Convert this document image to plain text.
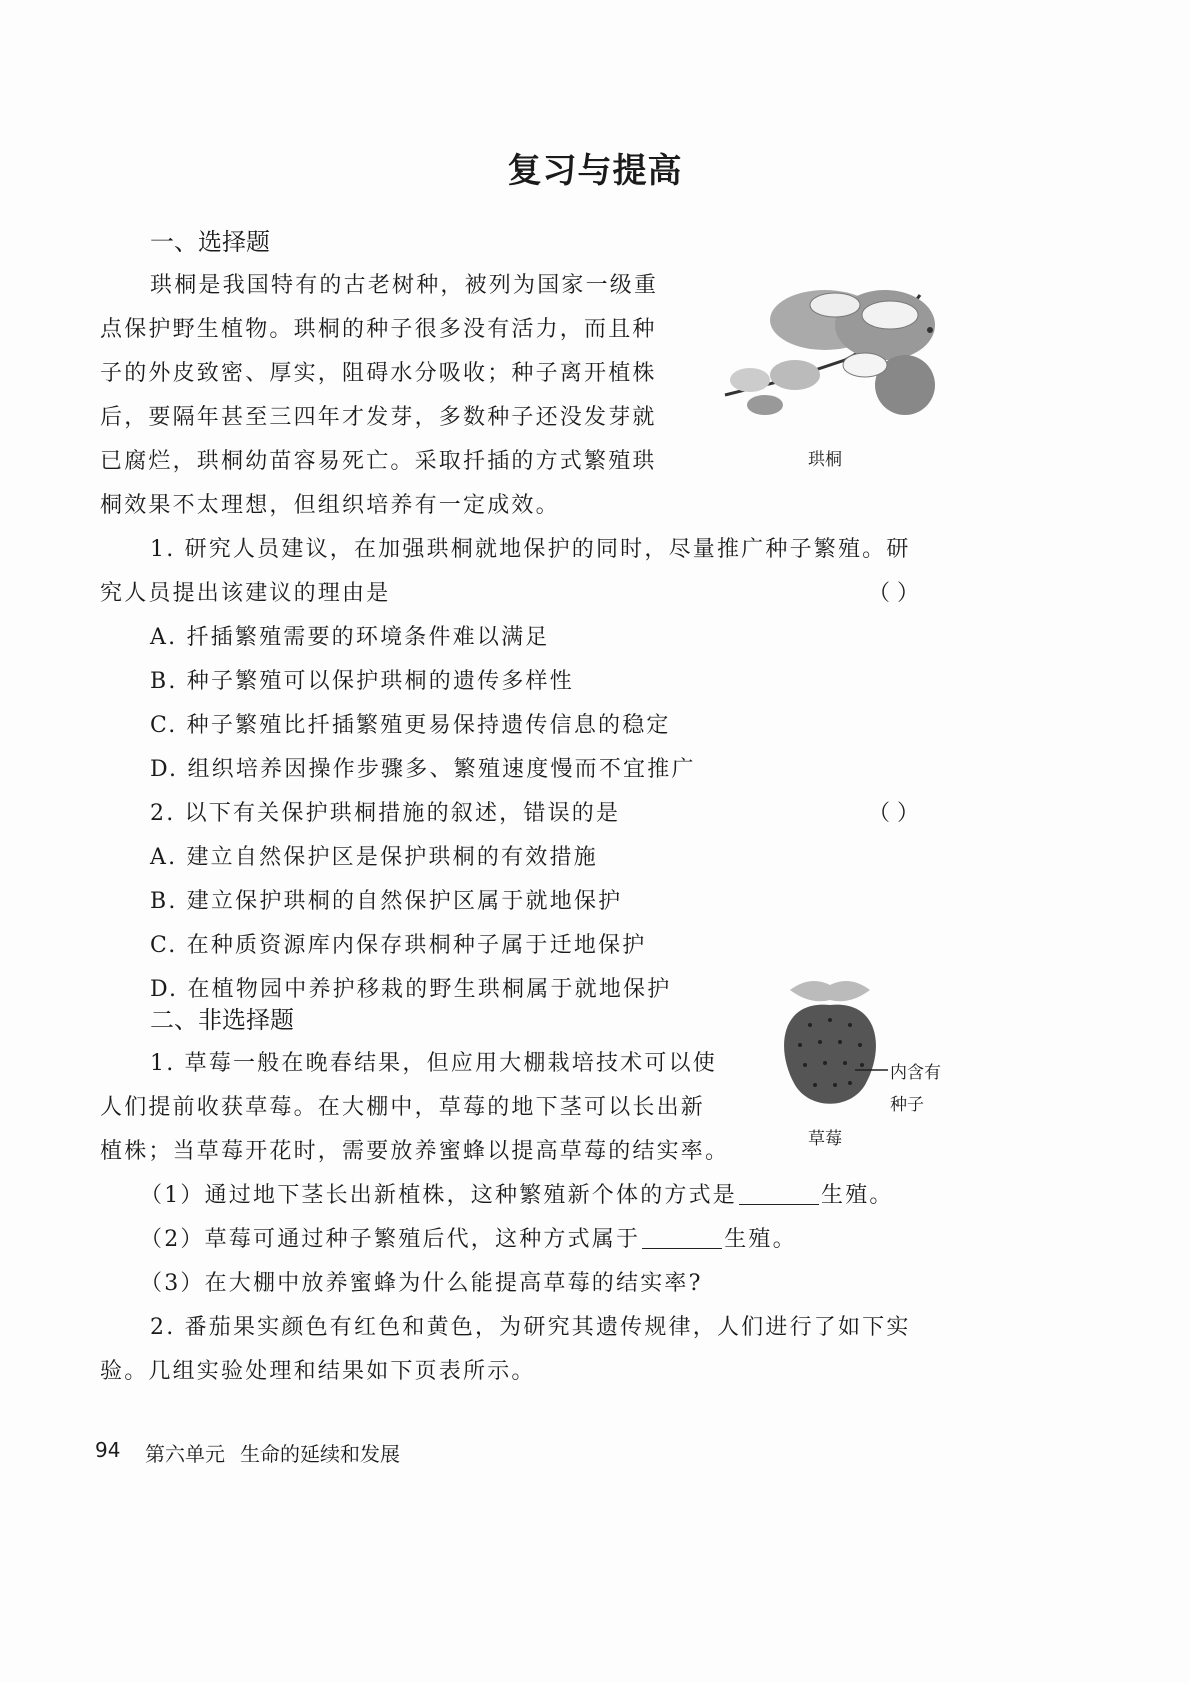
复习与提高
一、选择题
珙桐是我国特有的古老树种，被列为国家一级重
点保护野生植物。珙桐的种子很多没有活力，而且种
子的外皮致密、厚实，阻碍水分吸收；种子离开植株
后，要隔年甚至三四年才发芽，多数种子还没发芽就
已腐烂，珙桐幼苗容易死亡。采取扦插的方式繁殖珙
桐效果不太理想，但组织培养有一定成效。
珙桐
1. 研究人员建议，在加强珙桐就地保护的同时，尽量推广种子繁殖。研
究人员提出该建议的理由是	（ ）
A. 扦插繁殖需要的环境条件难以满足
B. 种子繁殖可以保护珙桐的遗传多样性
C. 种子繁殖比扦插繁殖更易保持遗传信息的稳定
D. 组织培养因操作步骤多、繁殖速度慢而不宜推广
2. 以下有关保护珙桐措施的叙述，错误的是	（ ）
A. 建立自然保护区是保护珙桐的有效措施
B. 建立保护珙桐的自然保护区属于就地保护
C. 在种质资源库内保存珙桐种子属于迁地保护
D. 在植物园中养护移栽的野生珙桐属于就地保护
二、非选择题
1. 草莓一般在晚春结果，但应用大棚栽培技术可以使
人们提前收获草莓。在大棚中，草莓的地下茎可以长出新
植株；当草莓开花时，需要放养蜜蜂以提高草莓的结实率。
内含有
种子
草莓
（1）通过地下茎长出新植株，这种繁殖新个体的方式是	生殖。
（2）草莓可通过种子繁殖后代，这种方式属于	生殖。
（3）在大棚中放养蜜蜂为什么能提高草莓的结实率?
2. 番茄果实颜色有红色和黄色，为研究其遗传规律，人们进行了如下实
验。几组实验处理和结果如下页表所示。
94 第六单元 生命的延续和发展
